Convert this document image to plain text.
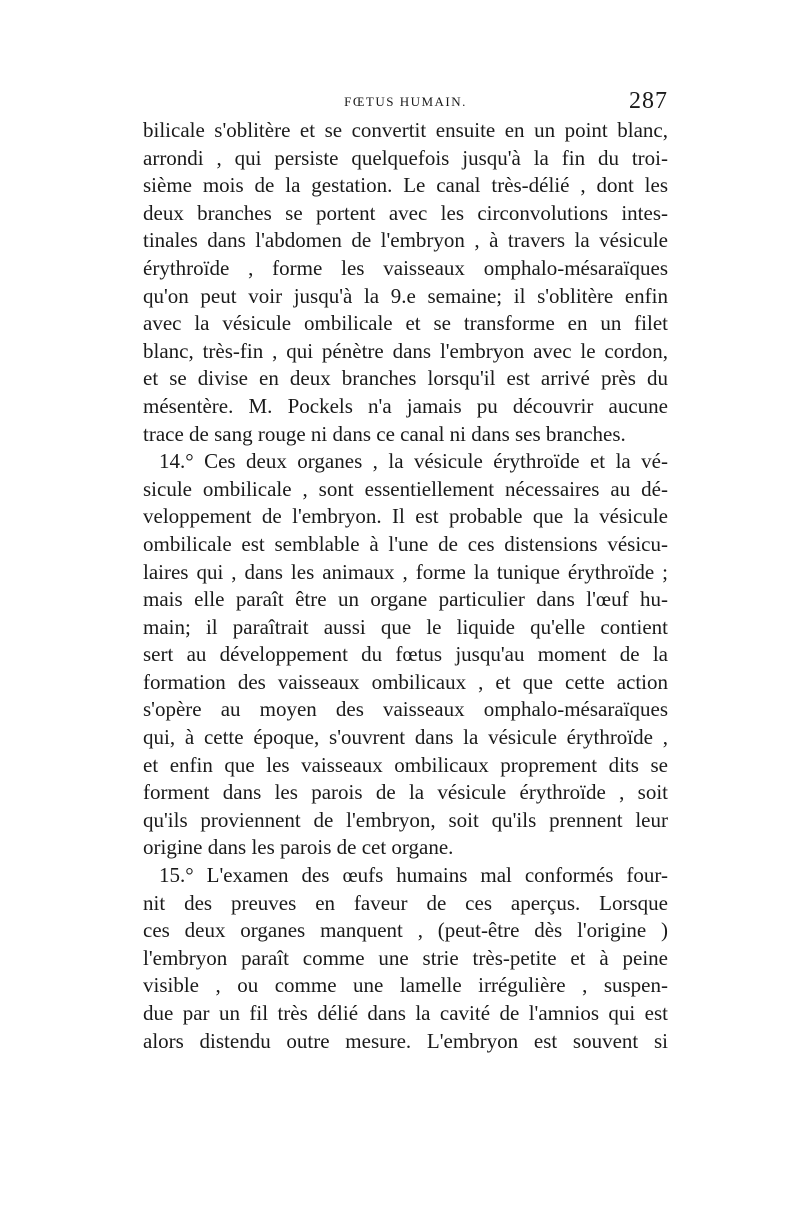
FŒTUS HUMAIN.	287
bilicale s'oblitère et se convertit ensuite en un point blanc,
arrondi , qui persiste quelquefois jusqu'à la fin du troi-
sième mois de la gestation. Le canal très-délié , dont les
deux branches se portent avec les circonvolutions intes-
tinales dans l'abdomen de l'embryon , à travers la vésicule
érythroïde , forme les vaisseaux omphalo-mésaraïques
qu'on peut voir jusqu'à la 9.e semaine; il s'oblitère enfin
avec la vésicule ombilicale et se transforme en un filet
blanc, très-fin , qui pénètre dans l'embryon avec le cordon,
et se divise en deux branches lorsqu'il est arrivé près du
mésentère. M. Pockels n'a jamais pu découvrir aucune
trace de sang rouge ni dans ce canal ni dans ses branches.
14.° Ces deux organes , la vésicule érythroïde et la vé-
sicule ombilicale , sont essentiellement nécessaires au dé-
veloppement de l'embryon. Il est probable que la vésicule
ombilicale est semblable à l'une de ces distensions vésicu-
laires qui , dans les animaux , forme la tunique érythroïde ;
mais elle paraît être un organe particulier dans l'œuf hu-
main; il paraîtrait aussi que le liquide qu'elle contient
sert au développement du fœtus jusqu'au moment de la
formation des vaisseaux ombilicaux , et que cette action
s'opère au moyen des vaisseaux omphalo-mésaraïques
qui, à cette époque, s'ouvrent dans la vésicule érythroïde ,
et enfin que les vaisseaux ombilicaux proprement dits se
forment dans les parois de la vésicule érythroïde , soit
qu'ils proviennent de l'embryon, soit qu'ils prennent leur
origine dans les parois de cet organe.
15.° L'examen des œufs humains mal conformés four-
nit des preuves en faveur de ces aperçus. Lorsque
ces deux organes manquent , (peut-être dès l'origine )
l'embryon paraît comme une strie très-petite et à peine
visible , ou comme une lamelle irrégulière , suspen-
due par un fil très délié dans la cavité de l'amnios qui est
alors distendu outre mesure. L'embryon est souvent si
